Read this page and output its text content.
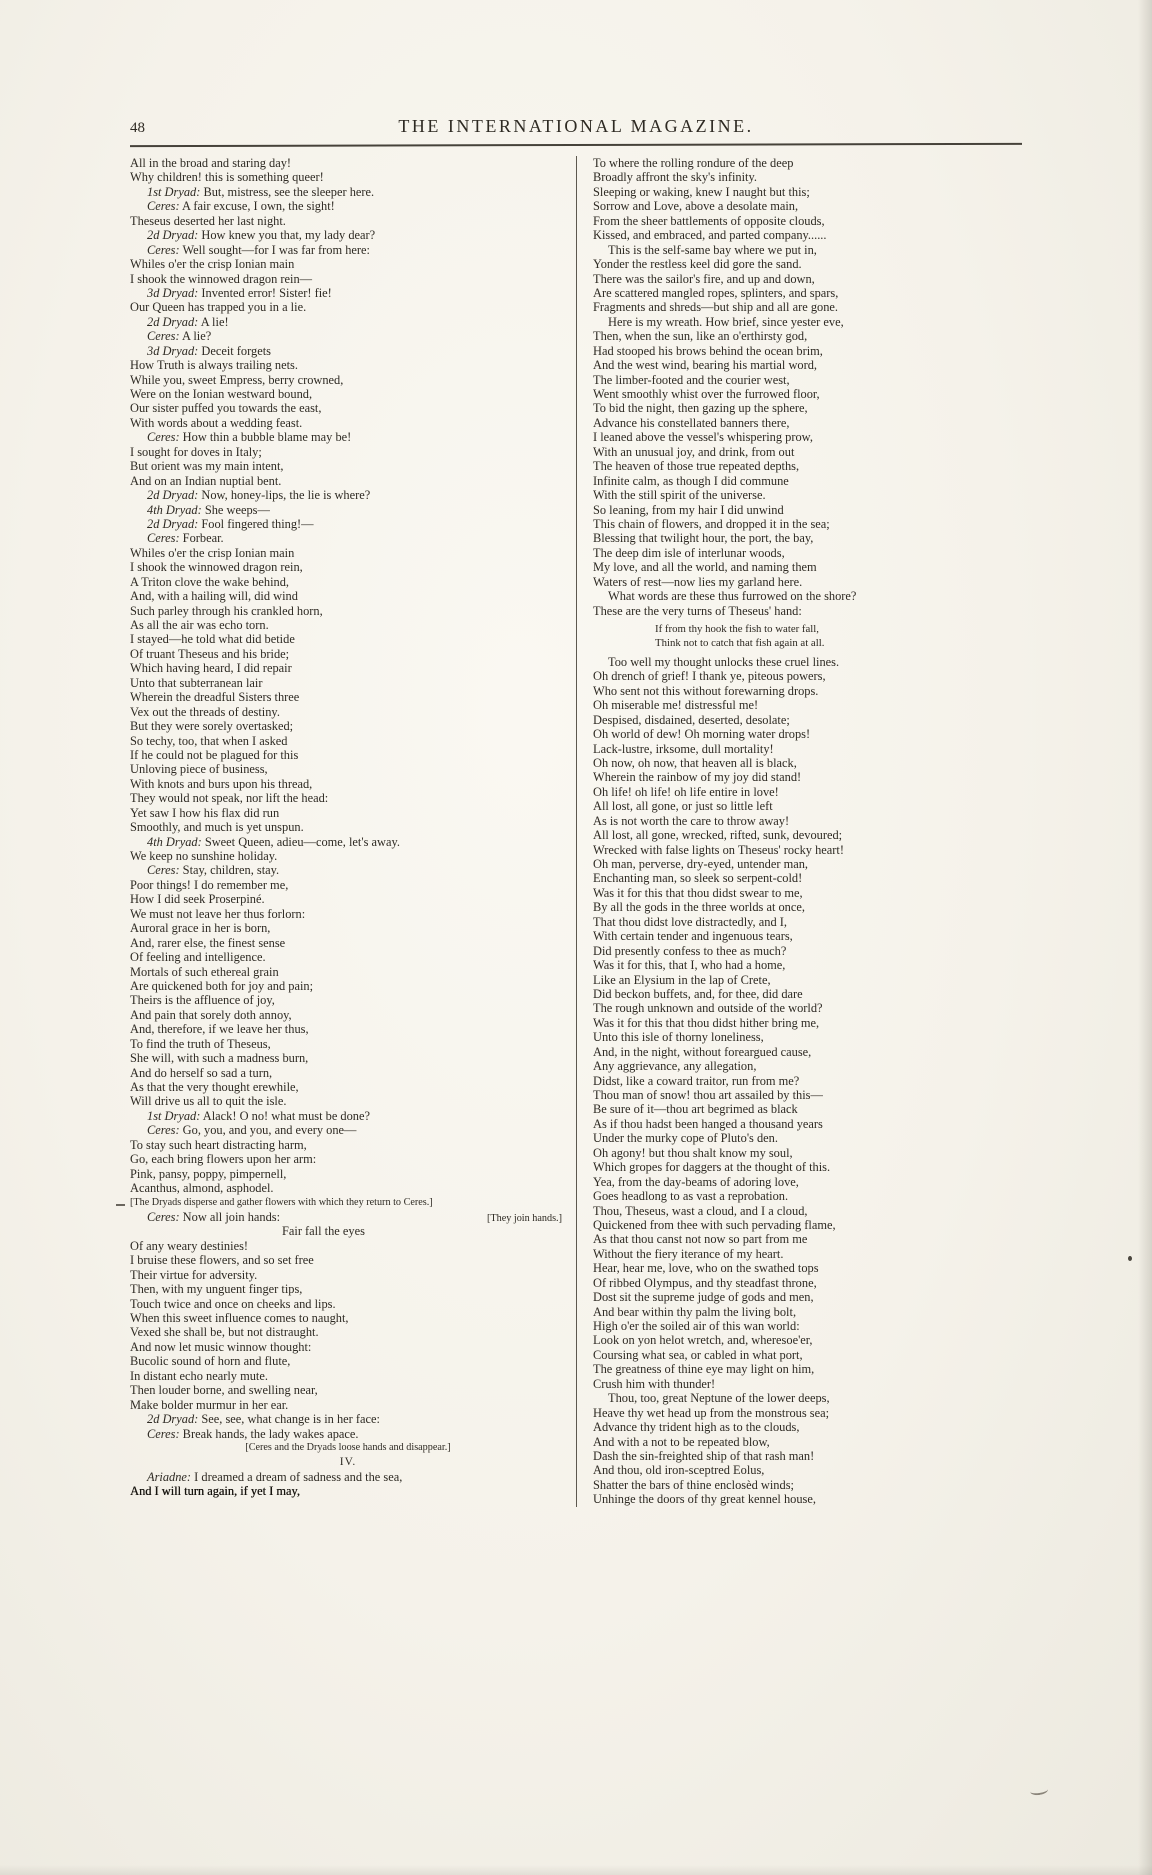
48	THE INTERNATIONAL MAGAZINE.
All in the broad and staring day!
Why children! this is something queer!
1st Dryad: But, mistress, see the sleeper here.
Ceres: A fair excuse, I own, the sight!
Theseus deserted her last night.
2d Dryad: How knew you that, my lady dear?
Ceres: Well sought—for I was far from here:
Whiles o'er the crisp Ionian main
I shook the winnowed dragon rein—
3d Dryad: Invented error! Sister! fie!
Our Queen has trapped you in a lie.
2d Dryad: A lie!
Ceres: A lie?
3d Dryad: Deceit forgets
How Truth is always trailing nets.
While you, sweet Empress, berry crowned,
Were on the Ionian westward bound,
Our sister puffed you towards the east,
With words about a wedding feast.
Ceres: How thin a bubble blame may be!
I sought for doves in Italy;
But orient was my main intent,
And on an Indian nuptial bent.
2d Dryad: Now, honey-lips, the lie is where?
4th Dryad: She weeps—
2d Dryad: Fool fingered thing!—
Ceres: Forbear.
Whiles o'er the crisp Ionian main
I shook the winnowed dragon rein,
A Triton clove the wake behind,
And, with a hailing will, did wind
Such parley through his crankled horn,
As all the air was echo torn.
I stayed—he told what did betide
Of truant Theseus and his bride;
Which having heard, I did repair
Unto that subterranean lair
Wherein the dreadful Sisters three
Vex out the threads of destiny.
But they were sorely overtasked;
So techy, too, that when I asked
If he could not be plagued for this
Unloving piece of business,
With knots and burs upon his thread,
They would not speak, nor lift the head:
Yet saw I how his flax did run
Smoothly, and much is yet unspun.
4th Dryad: Sweet Queen, adieu—come, let's away.
We keep no sunshine holiday.
Ceres: Stay, children, stay.
Poor things! I do remember me,
How I did seek Proserpiné.
We must not leave her thus forlorn:
Auroral grace in her is born,
And, rarer else, the finest sense
Of feeling and intelligence.
Mortals of such ethereal grain
Are quickened both for joy and pain;
Theirs is the affluence of joy,
And pain that sorely doth annoy,
And, therefore, if we leave her thus,
To find the truth of Theseus,
She will, with such a madness burn,
And do herself so sad a turn,
As that the very thought erewhile,
Will drive us all to quit the isle.
1st Dryad: Alack! O no! what must be done?
Ceres: Go, you, and you, and every one—
To stay such heart distracting harm,
Go, each bring flowers upon her arm:
Pink, pansy, poppy, pimpernell,
Acanthus, almond, asphodel.
[The Dryads disperse and gather flowers with which they return to Ceres.]
Ceres: Now all join hands:	[They join hands.]
Fair fall the eyes
Of any weary destinies!
I bruise these flowers, and so set free
Their virtue for adversity.
Then, with my unguent finger tips,
Touch twice and once on cheeks and lips.
When this sweet influence comes to naught,
Vexed she shall be, but not distraught.
And now let music winnow thought:
Bucolic sound of horn and flute,
In distant echo nearly mute.
Then louder borne, and swelling near,
Make bolder murmur in her ear.
2d Dryad: See, see, what change is in her face:
Ceres: Break hands, the lady wakes apace.
[Ceres and the Dryads loose hands and disappear.]
IV.
Ariadne: I dreamed a dream of sadness and the sea,
And I will turn again, if yet I may,
To where the rolling rondure of the deep
Broadly affront the sky's infinity.
Sleeping or waking, knew I naught but this;
Sorrow and Love, above a desolate main,
From the sheer battlements of opposite clouds,
Kissed, and embraced, and parted company......
This is the self-same bay where we put in,
Yonder the restless keel did gore the sand.
There was the sailor's fire, and up and down,
Are scattered mangled ropes, splinters, and spars,
Fragments and shreds—but ship and all are gone.
Here is my wreath. How brief, since yester eve,
Then, when the sun, like an o'erthirsty god,
Had stooped his brows behind the ocean brim,
And the west wind, bearing his martial word,
The limber-footed and the courier west,
Went smoothly whist over the furrowed floor,
To bid the night, then gazing up the sphere,
Advance his constellated banners there,
I leaned above the vessel's whispering prow,
With an unusual joy, and drink, from out
The heaven of those true repeated depths,
Infinite calm, as though I did commune
With the still spirit of the universe.
So leaning, from my hair I did unwind
This chain of flowers, and dropped it in the sea;
Blessing that twilight hour, the port, the bay,
The deep dim isle of interlunar woods,
My love, and all the world, and naming them
Waters of rest—now lies my garland here.
What words are these thus furrowed on the shore?
These are the very turns of Theseus' hand:
If from thy hook the fish to water fall,
Think not to catch that fish again at all.
Too well my thought unlocks these cruel lines.
Oh drench of grief! I thank ye, piteous powers,
Who sent not this without forewarning drops.
Oh miserable me! distressful me!
Despised, disdained, deserted, desolate;
Oh world of dew! Oh morning water drops!
Lack-lustre, irksome, dull mortality!
Oh now, oh now, that heaven all is black,
Wherein the rainbow of my joy did stand!
Oh life! oh life! oh life entire in love!
All lost, all gone, or just so little left
As is not worth the care to throw away!
All lost, all gone, wrecked, rifted, sunk, devoured;
Wrecked with false lights on Theseus' rocky heart!
Oh man, perverse, dry-eyed, untender man,
Enchanting man, so sleek so serpent-cold!
Was it for this that thou didst swear to me,
By all the gods in the three worlds at once,
That thou didst love distractedly, and I,
With certain tender and ingenuous tears,
Did presently confess to thee as much?
Was it for this, that I, who had a home,
Like an Elysium in the lap of Crete,
Did beckon buffets, and, for thee, did dare
The rough unknown and outside of the world?
Was it for this that thou didst hither bring me,
Unto this isle of thorny loneliness,
And, in the night, without foreargued cause,
Any aggrievance, any allegation,
Didst, like a coward traitor, run from me?
Thou man of snow! thou art assailed by this—
Be sure of it—thou art begrimed as black
As if thou hadst been hanged a thousand years
Under the murky cope of Pluto's den.
Oh agony! but thou shalt know my soul,
Which gropes for daggers at the thought of this.
Yea, from the day-beams of adoring love,
Goes headlong to as vast a reprobation.
Thou, Theseus, wast a cloud, and I a cloud,
Quickened from thee with such pervading flame,
As that thou canst not now so part from me
Without the fiery iterance of my heart.
Hear, hear me, love, who on the swathed tops
Of ribbed Olympus, and thy steadfast throne,
Dost sit the supreme judge of gods and men,
And bear within thy palm the living bolt,
High o'er the soiled air of this wan world:
Look on yon helot wretch, and, wheresoe'er,
Coursing what sea, or cabled in what port,
The greatness of thine eye may light on him,
Crush him with thunder!
Thou, too, great Neptune of the lower deeps,
Heave thy wet head up from the monstrous sea;
Advance thy trident high as to the clouds,
And with a not to be repeated blow,
Dash the sin-freighted ship of that rash man!
And thou, old iron-sceptred Eolus,
Shatter the bars of thine enclosèd winds;
Unhinge the doors of thy great kennel house,
